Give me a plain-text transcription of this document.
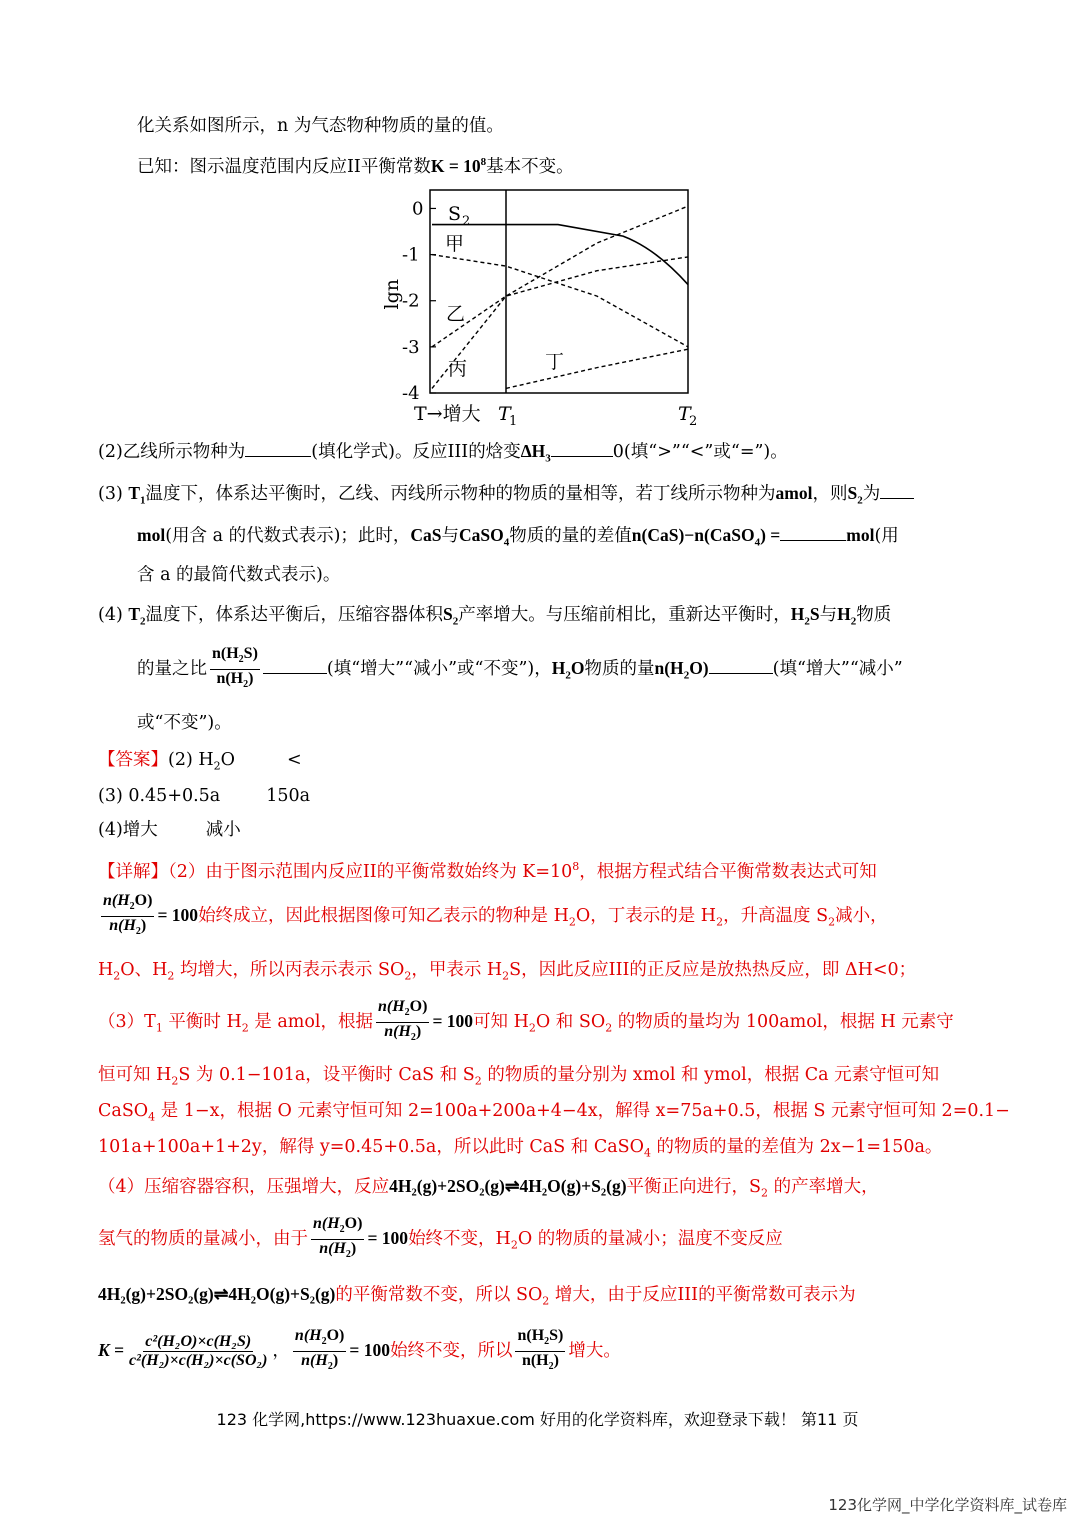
化关系如图所示，n 为气态物种物质的量的值。
已知：图示温度范围内反应II平衡常数$K = 10^8$基本不变。
0
-1
-2
-3
-4
lgn
T→增大 T
1	T
2
S 2
甲
乙
丙	丁
(2)乙线所示物种为	(填化学式)。反应III的焓变$\Delta H_3$	0(填“>”“<”或“=”)。
(3) $T_1$温度下，体系达平衡时，乙线、丙线所示物种的物质的量相等，若丁线所示物种为amol，则$S_2$为
mol(用含 a 的代数式表示)；此时，CaS与CaSO$_4$物质的量的差值n(CaS)−n(CaSO$_4$) =	mol(用
含 a 的最简代数式表示)。
(4) $T_2$温度下，体系达平衡后，压缩容器体积$S_2$产率增大。与压缩前相比，重新达平衡时，$H_2S$与$H_2$物质
的量之比 $\frac{n(H_2S)}{n(H_2)}$	(填“增大”“减小”或“不变”)，$H_2O$物质的量$n(H_2O)$	(填“增大”“减小”
或“不变”)。
【答案】(2) $H_2O$	<
(3) 0.45+0.5a	150a
(4)增大	减小
【详解】（2）由于图示范围内反应II的平衡常数始终为 $K=10^8$，根据方程式结合平衡常数表达式可知
$\frac{n(H_2O)}{n(H_2)} = 100$始终成立，因此根据图像可知乙表示的物种是 $H_2O$，丁表示的是 $H_2$，升高温度 $S_2$减小，
$H_2O$、$H_2$ 均增大，所以丙表示表示 $SO_2$，甲表示 $H_2S$，因此反应III的正反应是放热热反应，即 ΔH<0；
$(3)T_1$ 平衡时 $H_2$ 是 amol，根据 $\frac{n(H_2O)}{n(H_2)} = 100$可知 $H_2O$ 和 $SO_2$ 的物质的量均为 100amol，根据 H 元素守
恒可知 $H_2S$ 为 0.1−101a，设平衡时 CaS 和 $S_2$ 的物质的量分别为 xmol 和 ymol，根据 Ca 元素守恒可知
CaSO$_4$ 是 1−x，根据 O 元素守恒可知 2=100a+200a+4−4x，解得 x=75a+0.5，根据 S 元素守恒可知 2=0.1−
101a+100a+1+2y，解得 y=0.45+0.5a，所以此时 CaS 和 CaSO$_4$ 的物质的量的差值为 2x−1=150a。
（4）压缩容器容积，压强增大，反应4H₂(g)+2SO₂(g)⇌4H₂O(g)+S₂(g)平衡正向进行，$S_2$ 的产率增大，
氢气的物质的量减小，由于 $\frac{n(H_2O)}{n(H_2)} = 100$始终不变，$H_2O$ 的物质的量减小；温度不变反应
4H₂(g)+2SO₂(g)⇌4H₂O(g)+S₂(g)的平衡常数不变，所以 $SO_2$ 增大，由于反应III的平衡常数可表示为
$K = \frac{\text{c²(H₂O)×c(H₂S)}}{\text{c²(H₂)×c(H₂)×c(SO₂)}}$ ， $\frac{n(H_2O)}{n(H_2)} = 100$始终不变，所以 $\frac{n(H_2S)}{n(H_2)}$ 增大。
123 化学网,https://www.123huaxue.com 好用的化学资料库，欢迎登录下载！ 第11 页
123化学网_中学化学资料库_试卷库
